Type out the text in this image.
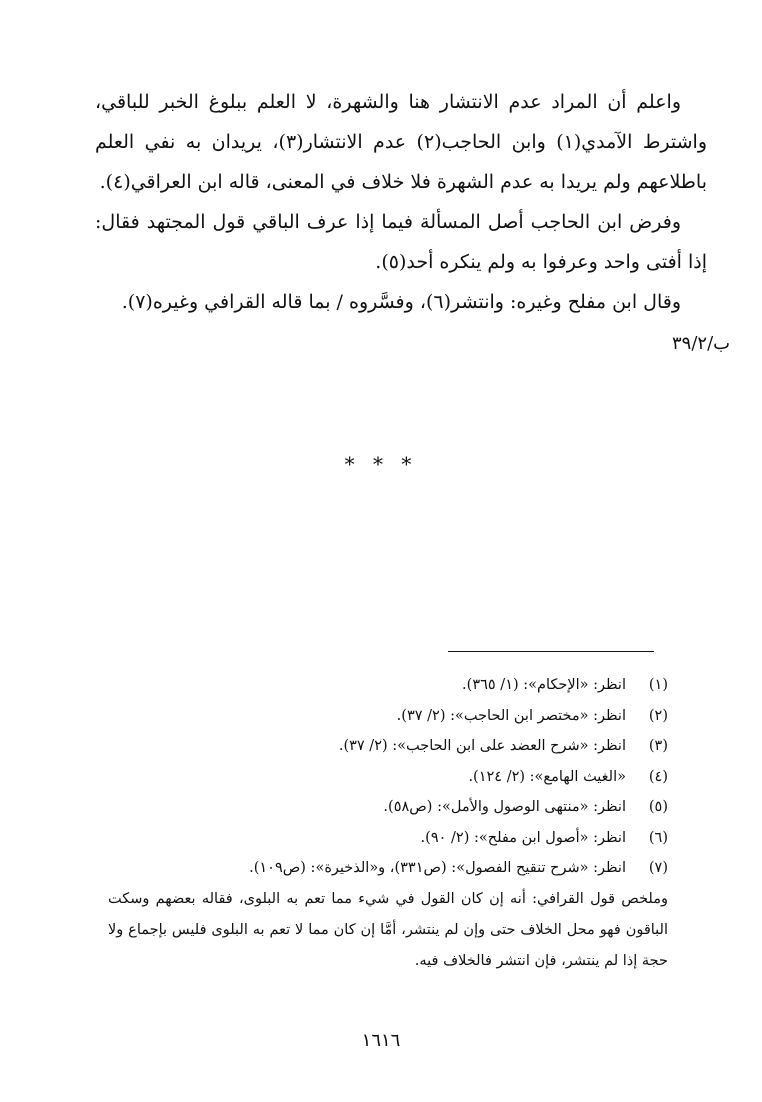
واعلم أن المراد عدم الانتشار هنا والشهرة، لا العلم ببلوغ الخبر للباقي، واشترط الآمدي(١) وابن الحاجب(٢) عدم الانتشار(٣)، يريدان به نفي العلم باطلاعهم ولم يريدا به عدم الشهرة فلا خلاف في المعنى، قاله ابن العراقي(٤).

وفرض ابن الحاجب أصل المسألة فيما إذا عرف الباقي قول المجتهد فقال: إذا أفتى واحد وعرفوا به ولم ينكره أحد(٥).

وقال ابن مفلح وغيره: وانتشر(٦)، وفسَّروه / بما قاله القرافي وغيره(٧).

ب/٣٩/٢
* * *
(١)
انظر: «الإحكام»: (١/ ٣٦٥).
(٢)
انظر: «مختصر ابن الحاجب»: (٢/ ٣٧).
(٣)
انظر: «شرح العضد على ابن الحاجب»: (٢/ ٣٧).
(٤)
«الغيث الهامع»: (٢/ ١٢٤).
(٥)
انظر: «منتهى الوصول والأمل»: (ص٥٨).
(٦)
انظر: «أصول ابن مفلح»: (٢/ ٩٠).
(٧)
انظر: «شرح تنقيح الفصول»: (ص٣٣١)، و«الذخيرة»: (ص١٠٩).
وملخص قول القرافي: أنه إن كان القول في شيء مما تعم به البلوى، فقاله بعضهم وسكت الباقون فهو محل الخلاف حتى وإن لم ينتشر، أمَّا إن كان مما لا تعم به البلوى فليس بإجماع ولا حجة إذا لم ينتشر، فإن انتشر فالخلاف فيه.
١٦١٦
